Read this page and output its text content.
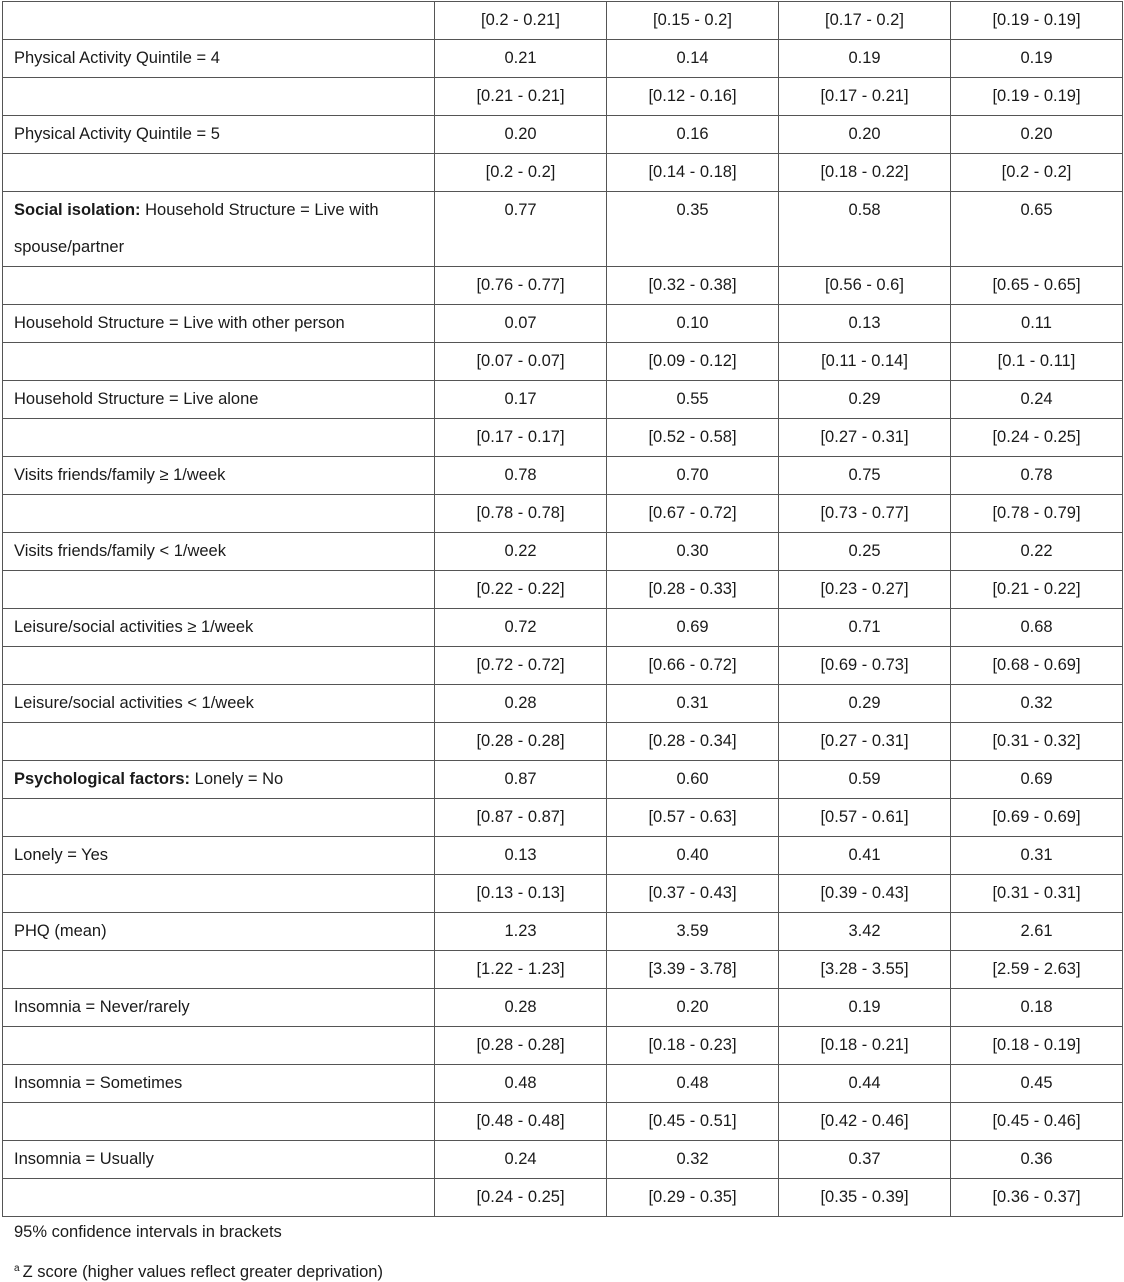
	[0.2 - 0.21]	[0.15 - 0.2]	[0.17 - 0.2]	[0.19 - 0.19]
Physical Activity Quintile = 4	0.21	0.14	0.19	0.19
	[0.21 - 0.21]	[0.12 - 0.16]	[0.17 - 0.21]	[0.19 - 0.19]
Physical Activity Quintile = 5	0.20	0.16	0.20	0.20
	[0.2 - 0.2]	[0.14 - 0.18]	[0.18 - 0.22]	[0.2 - 0.2]
Social isolation: Household Structure = Live with spouse/partner	0.77	0.35	0.58	0.65
	[0.76 - 0.77]	[0.32 - 0.38]	[0.56 - 0.6]	[0.65 - 0.65]
Household Structure = Live with other person	0.07	0.10	0.13	0.11
	[0.07 - 0.07]	[0.09 - 0.12]	[0.11 - 0.14]	[0.1 - 0.11]
Household Structure = Live alone	0.17	0.55	0.29	0.24
	[0.17 - 0.17]	[0.52 - 0.58]	[0.27 - 0.31]	[0.24 - 0.25]
Visits friends/family ≥ 1/week	0.78	0.70	0.75	0.78
	[0.78 - 0.78]	[0.67 - 0.72]	[0.73 - 0.77]	[0.78 - 0.79]
Visits friends/family < 1/week	0.22	0.30	0.25	0.22
	[0.22 - 0.22]	[0.28 - 0.33]	[0.23 - 0.27]	[0.21 - 0.22]
Leisure/social activities ≥ 1/week	0.72	0.69	0.71	0.68
	[0.72 - 0.72]	[0.66 - 0.72]	[0.69 - 0.73]	[0.68 - 0.69]
Leisure/social activities < 1/week	0.28	0.31	0.29	0.32
	[0.28 - 0.28]	[0.28 - 0.34]	[0.27 - 0.31]	[0.31 - 0.32]
Psychological factors: Lonely = No	0.87	0.60	0.59	0.69
	[0.87 - 0.87]	[0.57 - 0.63]	[0.57 - 0.61]	[0.69 - 0.69]
Lonely = Yes	0.13	0.40	0.41	0.31
	[0.13 - 0.13]	[0.37 - 0.43]	[0.39 - 0.43]	[0.31 - 0.31]
PHQ (mean)	1.23	3.59	3.42	2.61
	[1.22 - 1.23]	[3.39 - 3.78]	[3.28 - 3.55]	[2.59 - 2.63]
Insomnia = Never/rarely	0.28	0.20	0.19	0.18
	[0.28 - 0.28]	[0.18 - 0.23]	[0.18 - 0.21]	[0.18 - 0.19]
Insomnia = Sometimes	0.48	0.48	0.44	0.45
	[0.48 - 0.48]	[0.45 - 0.51]	[0.42 - 0.46]	[0.45 - 0.46]
Insomnia = Usually	0.24	0.32	0.37	0.36
	[0.24 - 0.25]	[0.29 - 0.35]	[0.35 - 0.39]	[0.36 - 0.37]
95% confidence intervals in brackets
$^a$ Z score (higher values reflect greater deprivation)
